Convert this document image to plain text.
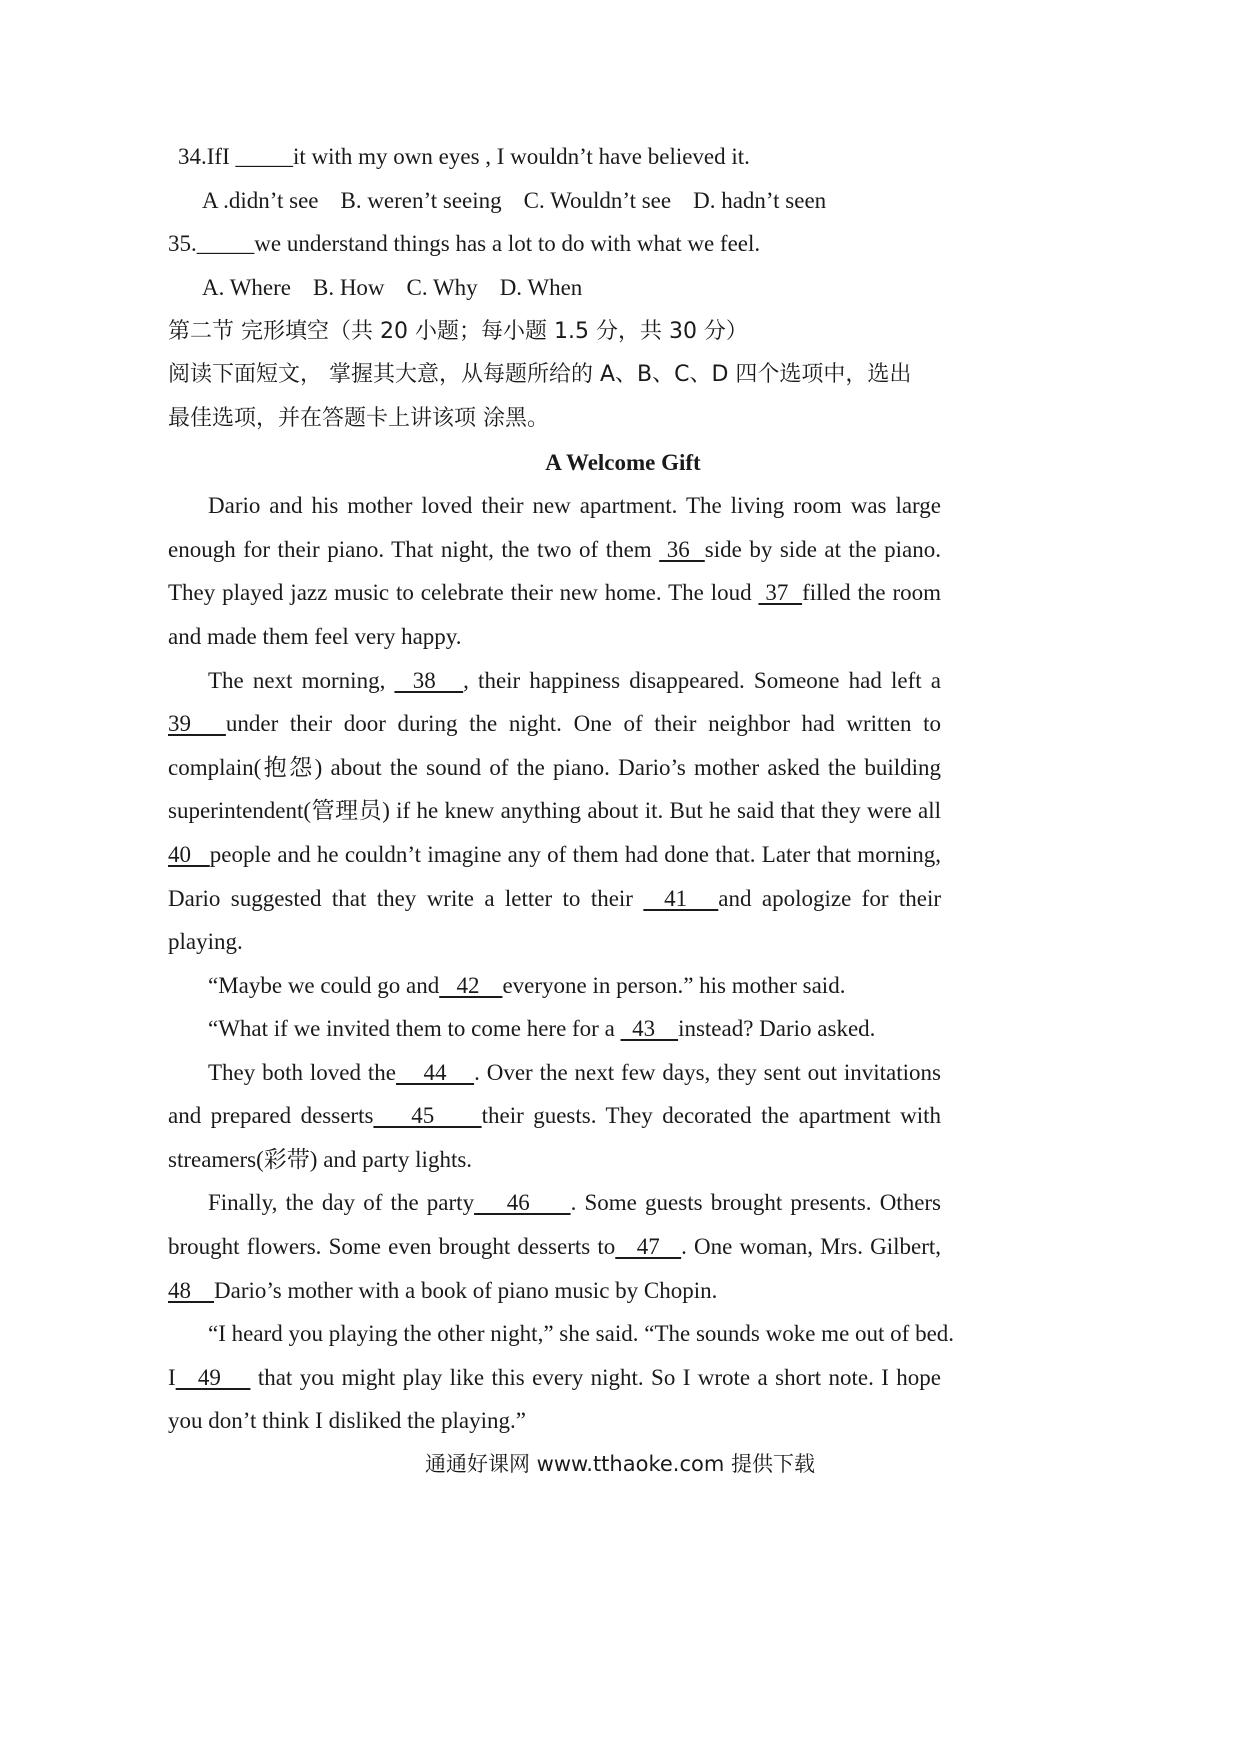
34.IfI _____it with my own eyes , I wouldn’t have believed it.
A .didn’t see B. weren’t seeing C. Wouldn’t see D. hadn’t seen
35._____we understand things has a lot to do with what we feel.
A. Where B. How C. Why D. When
第二节 完形填空（共 20 小题；每小题 1.5 分，共 30 分）
阅读下面短文， 掌握其大意，从每题所给的 A、B、C、D 四个选项中，选出
最佳选项，并在答题卡上讲该项 涂黑。
A Welcome Gift
Dario and his mother loved their new apartment. The living room was large
enough for their piano. That night, the two of them  36  side by side at the piano.
They played jazz music to celebrate their new home. The loud  37  filled the room
and made them feel very happy.
The next morning,   38   , their happiness disappeared. Someone had left a
39   under their door during the night. One of their neighbor had written to
complain(抱怨) about the sound of the piano. Dario’s mother asked the building
superintendent(管理员) if he knew anything about it. But he said that they were all
40   people and he couldn’t imagine any of them had done that. Later that morning,
Dario suggested that they write a letter to their   41   and apologize for their
playing.
“Maybe we could go and   42    everyone in person.” his mother said.
“What if we invited them to come here for a   43    instead? Dario asked.
They both loved the    44    . Over the next few days, they sent out invitations
and prepared desserts    45     their guests. They decorated the apartment with
streamers(彩带) and party lights.
Finally, the day of the party    46     . Some guests brought presents. Others
brought flowers. Some even brought desserts to   47   . One woman, Mrs. Gilbert,
48    Dario’s mother with a book of piano music by Chopin.
“I heard you playing the other night,” she said. “The sounds woke me out of bed.
I   49     that you might play like this every night. So I wrote a short note. I hope
you don’t think I disliked the playing.”
通通好课网 www.tthaoke.com 提供下载
